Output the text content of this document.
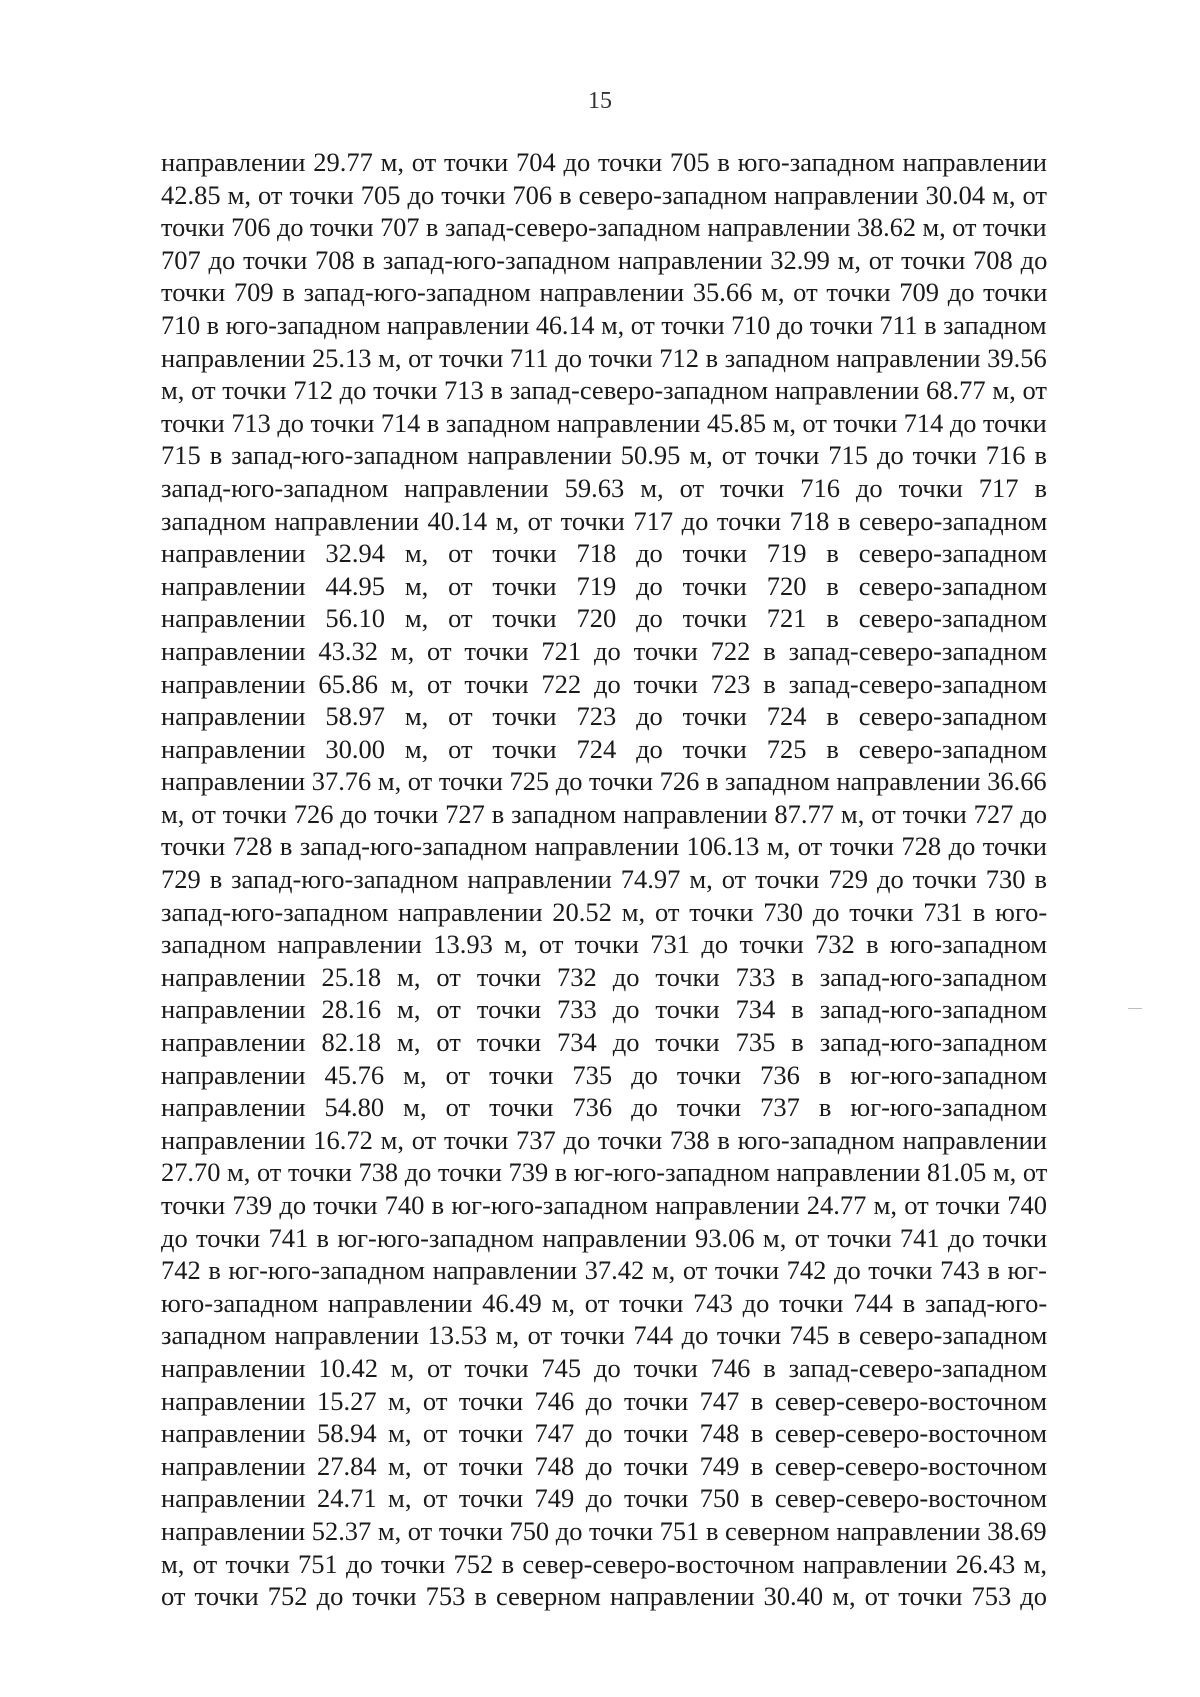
15
направлении 29.77 м, от точки 704 до точки 705 в юго-западном направлении
42.85 м, от точки 705 до точки 706 в северо-западном направлении 30.04 м, от
точки 706 до точки 707 в запад-северо-западном направлении 38.62 м, от точки
707 до точки 708 в запад-юго-западном направлении 32.99 м, от точки 708 до
точки 709 в запад-юго-западном направлении 35.66 м, от точки 709 до точки
710 в юго-западном направлении 46.14 м, от точки 710 до точки 711 в западном
направлении 25.13 м, от точки 711 до точки 712 в западном направлении 39.56
м, от точки 712 до точки 713 в запад-северо-западном направлении 68.77 м, от
точки 713 до точки 714 в западном направлении 45.85 м, от точки 714 до точки
715 в запад-юго-западном направлении 50.95 м, от точки 715 до точки 716 в
запад-юго-западном направлении 59.63 м, от точки 716 до точки 717 в
западном направлении 40.14 м, от точки 717 до точки 718 в северо-западном
направлении 32.94 м, от точки 718 до точки 719 в северо-западном
направлении 44.95 м, от точки 719 до точки 720 в северо-западном
направлении 56.10 м, от точки 720 до точки 721 в северо-западном
направлении 43.32 м, от точки 721 до точки 722 в запад-северо-западном
направлении 65.86 м, от точки 722 до точки 723 в запад-северо-западном
направлении 58.97 м, от точки 723 до точки 724 в северо-западном
направлении 30.00 м, от точки 724 до точки 725 в северо-западном
направлении 37.76 м, от точки 725 до точки 726 в западном направлении 36.66
м, от точки 726 до точки 727 в западном направлении 87.77 м, от точки 727 до
точки 728 в запад-юго-западном направлении 106.13 м, от точки 728 до точки
729 в запад-юго-западном направлении 74.97 м, от точки 729 до точки 730 в
запад-юго-западном направлении 20.52 м, от точки 730 до точки 731 в юго-
западном направлении 13.93 м, от точки 731 до точки 732 в юго-западном
направлении 25.18 м, от точки 732 до точки 733 в запад-юго-западном
направлении 28.16 м, от точки 733 до точки 734 в запад-юго-западном
направлении 82.18 м, от точки 734 до точки 735 в запад-юго-западном
направлении 45.76 м, от точки 735 до точки 736 в юг-юго-западном
направлении 54.80 м, от точки 736 до точки 737 в юг-юго-западном
направлении 16.72 м, от точки 737 до точки 738 в юго-западном направлении
27.70 м, от точки 738 до точки 739 в юг-юго-западном направлении 81.05 м, от
точки 739 до точки 740 в юг-юго-западном направлении 24.77 м, от точки 740
до точки 741 в юг-юго-западном направлении 93.06 м, от точки 741 до точки
742 в юг-юго-западном направлении 37.42 м, от точки 742 до точки 743 в юг-
юго-западном направлении 46.49 м, от точки 743 до точки 744 в запад-юго-
западном направлении 13.53 м, от точки 744 до точки 745 в северо-западном
направлении 10.42 м, от точки 745 до точки 746 в запад-северо-западном
направлении 15.27 м, от точки 746 до точки 747 в север-северо-восточном
направлении 58.94 м, от точки 747 до точки 748 в север-северо-восточном
направлении 27.84 м, от точки 748 до точки 749 в север-северо-восточном
направлении 24.71 м, от точки 749 до точки 750 в север-северо-восточном
направлении 52.37 м, от точки 750 до точки 751 в северном направлении 38.69
м, от точки 751 до точки 752 в север-северо-восточном направлении 26.43 м,
от точки 752 до точки 753 в северном направлении 30.40 м, от точки 753 до
